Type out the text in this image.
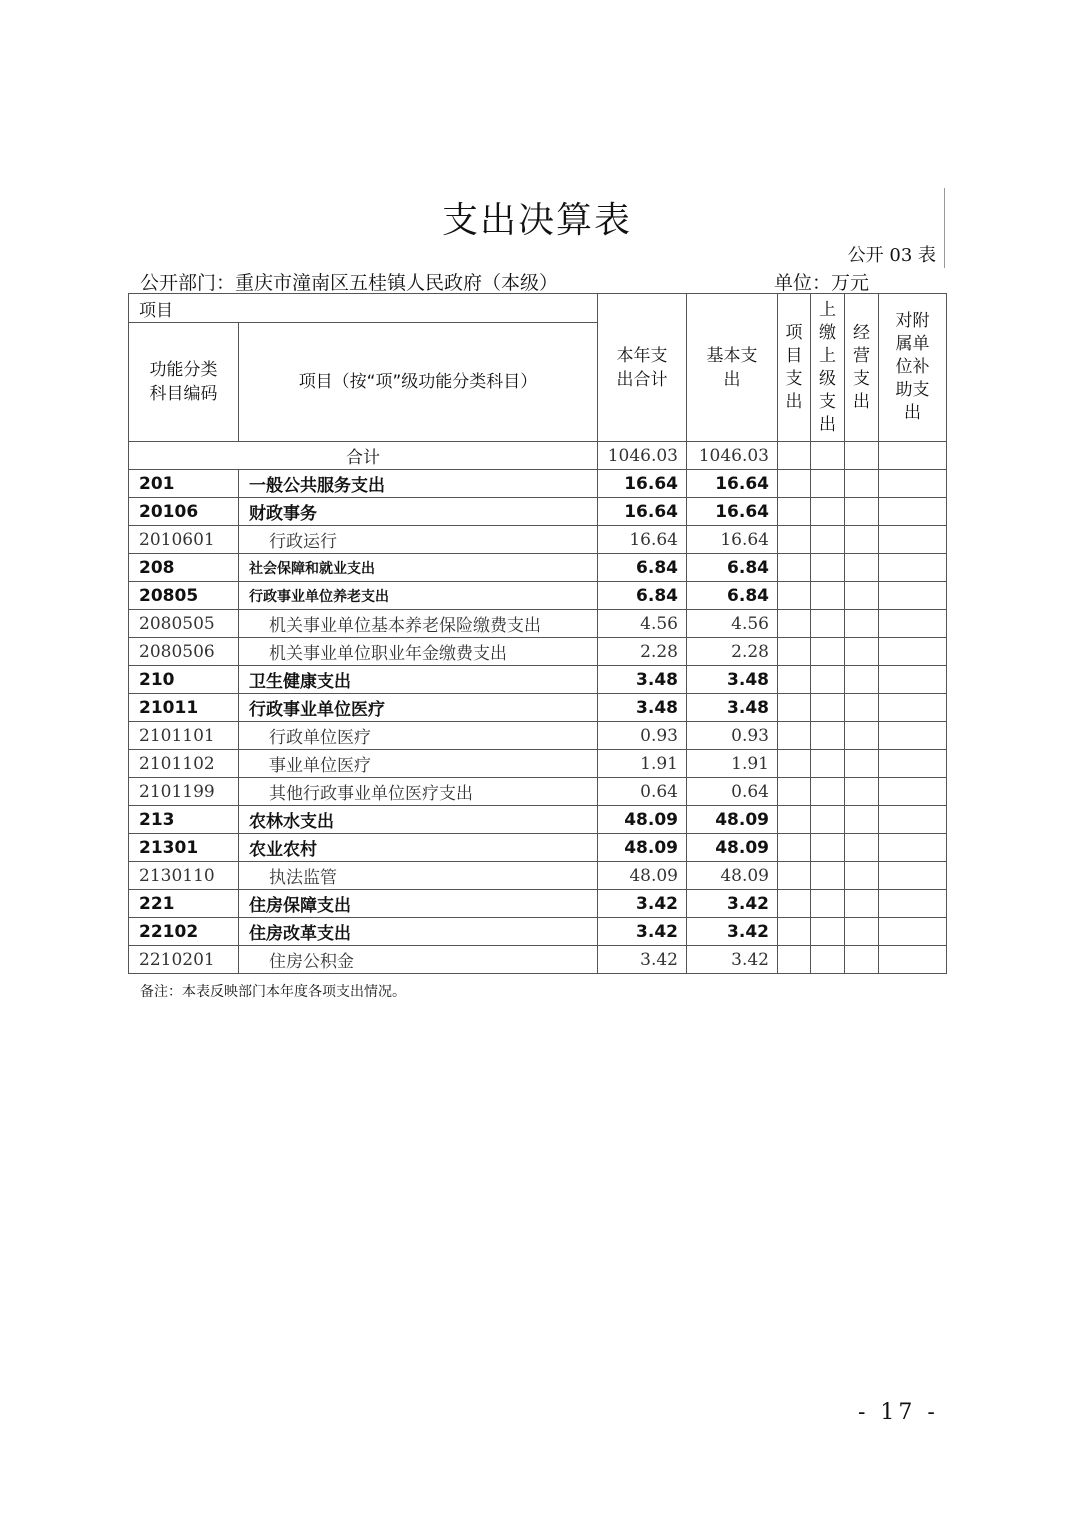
支出决算表
公开 03 表
公开部门：重庆市潼南区五桂镇人民政府（本级）	单位：万元
项目		本年支出合计	基本支出	项目支出	上缴上级支出	经营支出	对附属单位补助支出

功能分类科目编码	项目（按“项”级功能分类科目）						
合计		1046.03	1046.03				
201	一般公共服务支出	16.64	16.64				
20106	财政事务	16.64	16.64				
2010601	行政运行	16.64	16.64				
208	社会保障和就业支出	6.84	6.84				
20805	行政事业单位养老支出	6.84	6.84				
2080505	机关事业单位基本养老保险缴费支出	4.56	4.56				
2080506	机关事业单位职业年金缴费支出	2.28	2.28				
210	卫生健康支出	3.48	3.48				
21011	行政事业单位医疗	3.48	3.48				
2101101	行政单位医疗	0.93	0.93				
2101102	事业单位医疗	1.91	1.91				
2101199	其他行政事业单位医疗支出	0.64	0.64				
213	农林水支出	48.09	48.09				
21301	农业农村	48.09	48.09				
2130110	执法监管	48.09	48.09				
221	住房保障支出	3.42	3.42				
22102	住房改革支出	3.42	3.42				
2210201	住房公积金	3.42	3.42				
备注：本表反映部门本年度各项支出情况。
- 17 -
